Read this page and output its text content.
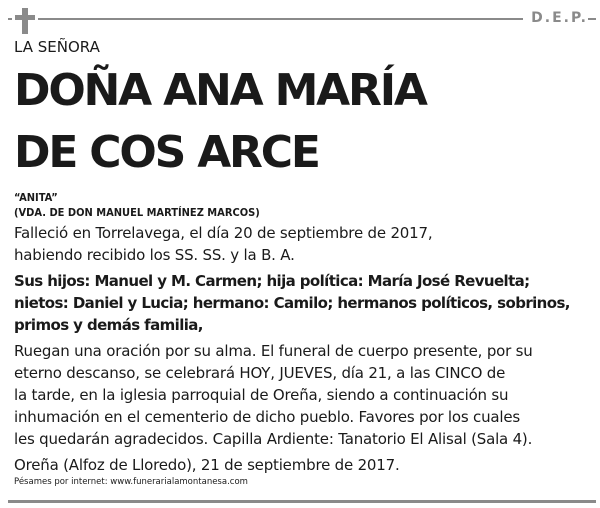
D.E.P.
LA SEÑORA
DOÑA ANA MARÍA
DE COS ARCE
“ANITA”
(VDA. DE DON MANUEL MARTÍNEZ MARCOS)
Falleció en Torrelavega, el día 20 de septiembre de 2017,
habiendo recibido los SS. SS. y la B. A.
Sus hijos: Manuel y M. Carmen; hija política: María José Revuelta;
nietos: Daniel y Lucia; hermano: Camilo; hermanos políticos, sobrinos,
primos y demás familia,
Ruegan una oración por su alma. El funeral de cuerpo presente, por su
eterno descanso, se celebrará HOY, JUEVES, día 21, a las CINCO de
la tarde, en la iglesia parroquial de Oreña, siendo a continuación su
inhumación en el cementerio de dicho pueblo. Favores por los cuales
les quedarán agradecidos. Capilla Ardiente: Tanatorio El Alisal (Sala 4).
Oreña (Alfoz de Lloredo), 21 de septiembre de 2017.
Pésames por internet: www.funerarialamontanesa.com
